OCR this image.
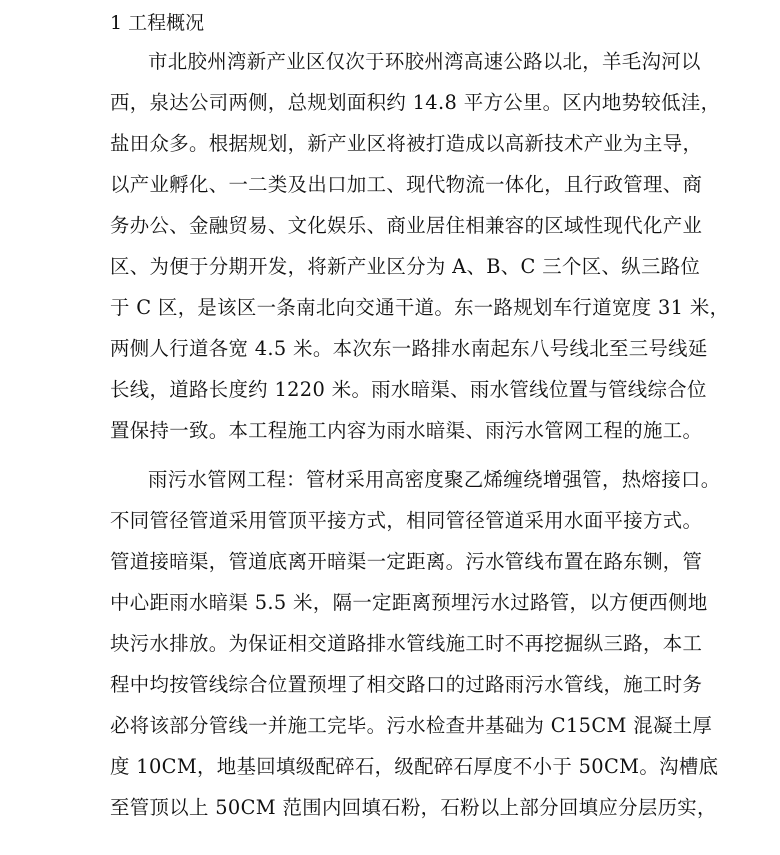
1 工程概况
市北胶州湾新产业区仅次于环胶州湾高速公路以北，羊毛沟河以
西，泉达公司两侧，总规划面积约 14.8 平方公里。区内地势较低洼，
盐田众多。根据规划，新产业区将被打造成以高新技术产业为主导，
以产业孵化、一二类及出口加工、现代物流一体化，且行政管理、商
务办公、金融贸易、文化娱乐、商业居住相兼容的区域性现代化产业
区、为便于分期开发，将新产业区分为 A、B、C 三个区、纵三路位
于 C 区，是该区一条南北向交通干道。东一路规划车行道宽度 31 米，
两侧人行道各宽 4.5 米。本次东一路排水南起东八号线北至三号线延
长线，道路长度约 1220 米。雨水暗渠、雨水管线位置与管线综合位
置保持一致。本工程施工内容为雨水暗渠、雨污水管网工程的施工。
雨污水管网工程：管材采用高密度聚乙烯缠绕增强管，热熔接口。
不同管径管道采用管顶平接方式，相同管径管道采用水面平接方式。
管道接暗渠，管道底离开暗渠一定距离。污水管线布置在路东铡，管
中心距雨水暗渠 5.5 米，隔一定距离预埋污水过路管，以方便西侧地
块污水排放。为保证相交道路排水管线施工时不再挖掘纵三路，本工
程中均按管线综合位置预埋了相交路口的过路雨污水管线，施工时务
必将该部分管线一并施工完毕。污水检查井基础为 C15CM 混凝土厚
度 10CM，地基回填级配碎石，级配碎石厚度不小于 50CM。沟槽底
至管顶以上 50CM 范围内回填石粉，石粉以上部分回填应分层历实，
